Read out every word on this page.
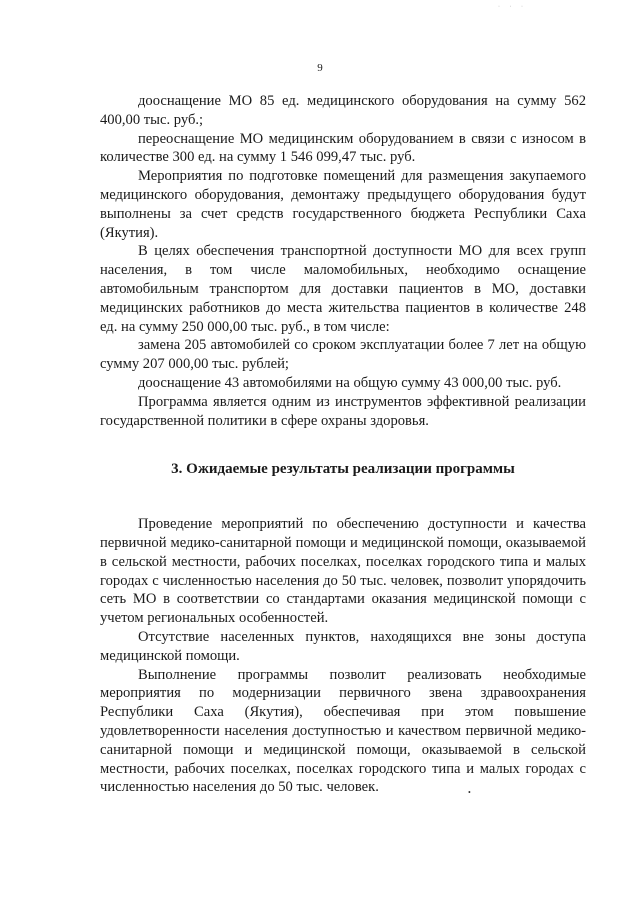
· · ·
9

дооснащение МО 85 ед. медицинского оборудования на сумму 562 400,00 тыс. руб.;

переоснащение МО медицинским оборудованием в связи с износом в количестве 300 ед. на сумму 1 546 099,47 тыс. руб.

Мероприятия по подготовке помещений для размещения закупаемого медицинского оборудования, демонтажу предыдущего оборудования будут выполнены за счет средств государственного бюджета Республики Саха (Якутия).

В целях обеспечения транспортной доступности МО для всех групп населения, в том числе маломобильных, необходимо оснащение автомобильным транспортом для доставки пациентов в МО, доставки медицинских работников до места жительства пациентов в количестве 248 ед. на сумму 250 000,00 тыс. руб., в том числе:

замена 205 автомобилей со сроком эксплуатации более 7 лет на общую сумму 207 000,00 тыс. рублей;

дооснащение 43 автомобилями на общую сумму 43 000,00 тыс. руб.

Программа является одним из инструментов эффективной реализации государственной политики в сфере охраны здоровья.

3. Ожидаемые результаты реализации программы

Проведение мероприятий по обеспечению доступности и качества первичной медико-санитарной помощи и медицинской помощи, оказываемой в сельской местности, рабочих поселках, поселках городского типа и малых городах с численностью населения до 50 тыс. человек, позволит упорядочить сеть МО в соответствии со стандартами оказания медицинской помощи с учетом региональных особенностей.

Отсутствие населенных пунктов, находящихся вне зоны доступа медицинской помощи.

Выполнение программы позволит реализовать необходимые мероприятия по модернизации первичного звена здравоохранения Республики Саха (Якутия), обеспечивая при этом повышение удовлетворенности населения доступностью и качеством первичной медико-санитарной помощи и медицинской помощи, оказываемой в сельской местности, рабочих поселках, поселках городского типа и малых городах с численностью населения до 50 тыс. человек.	•
